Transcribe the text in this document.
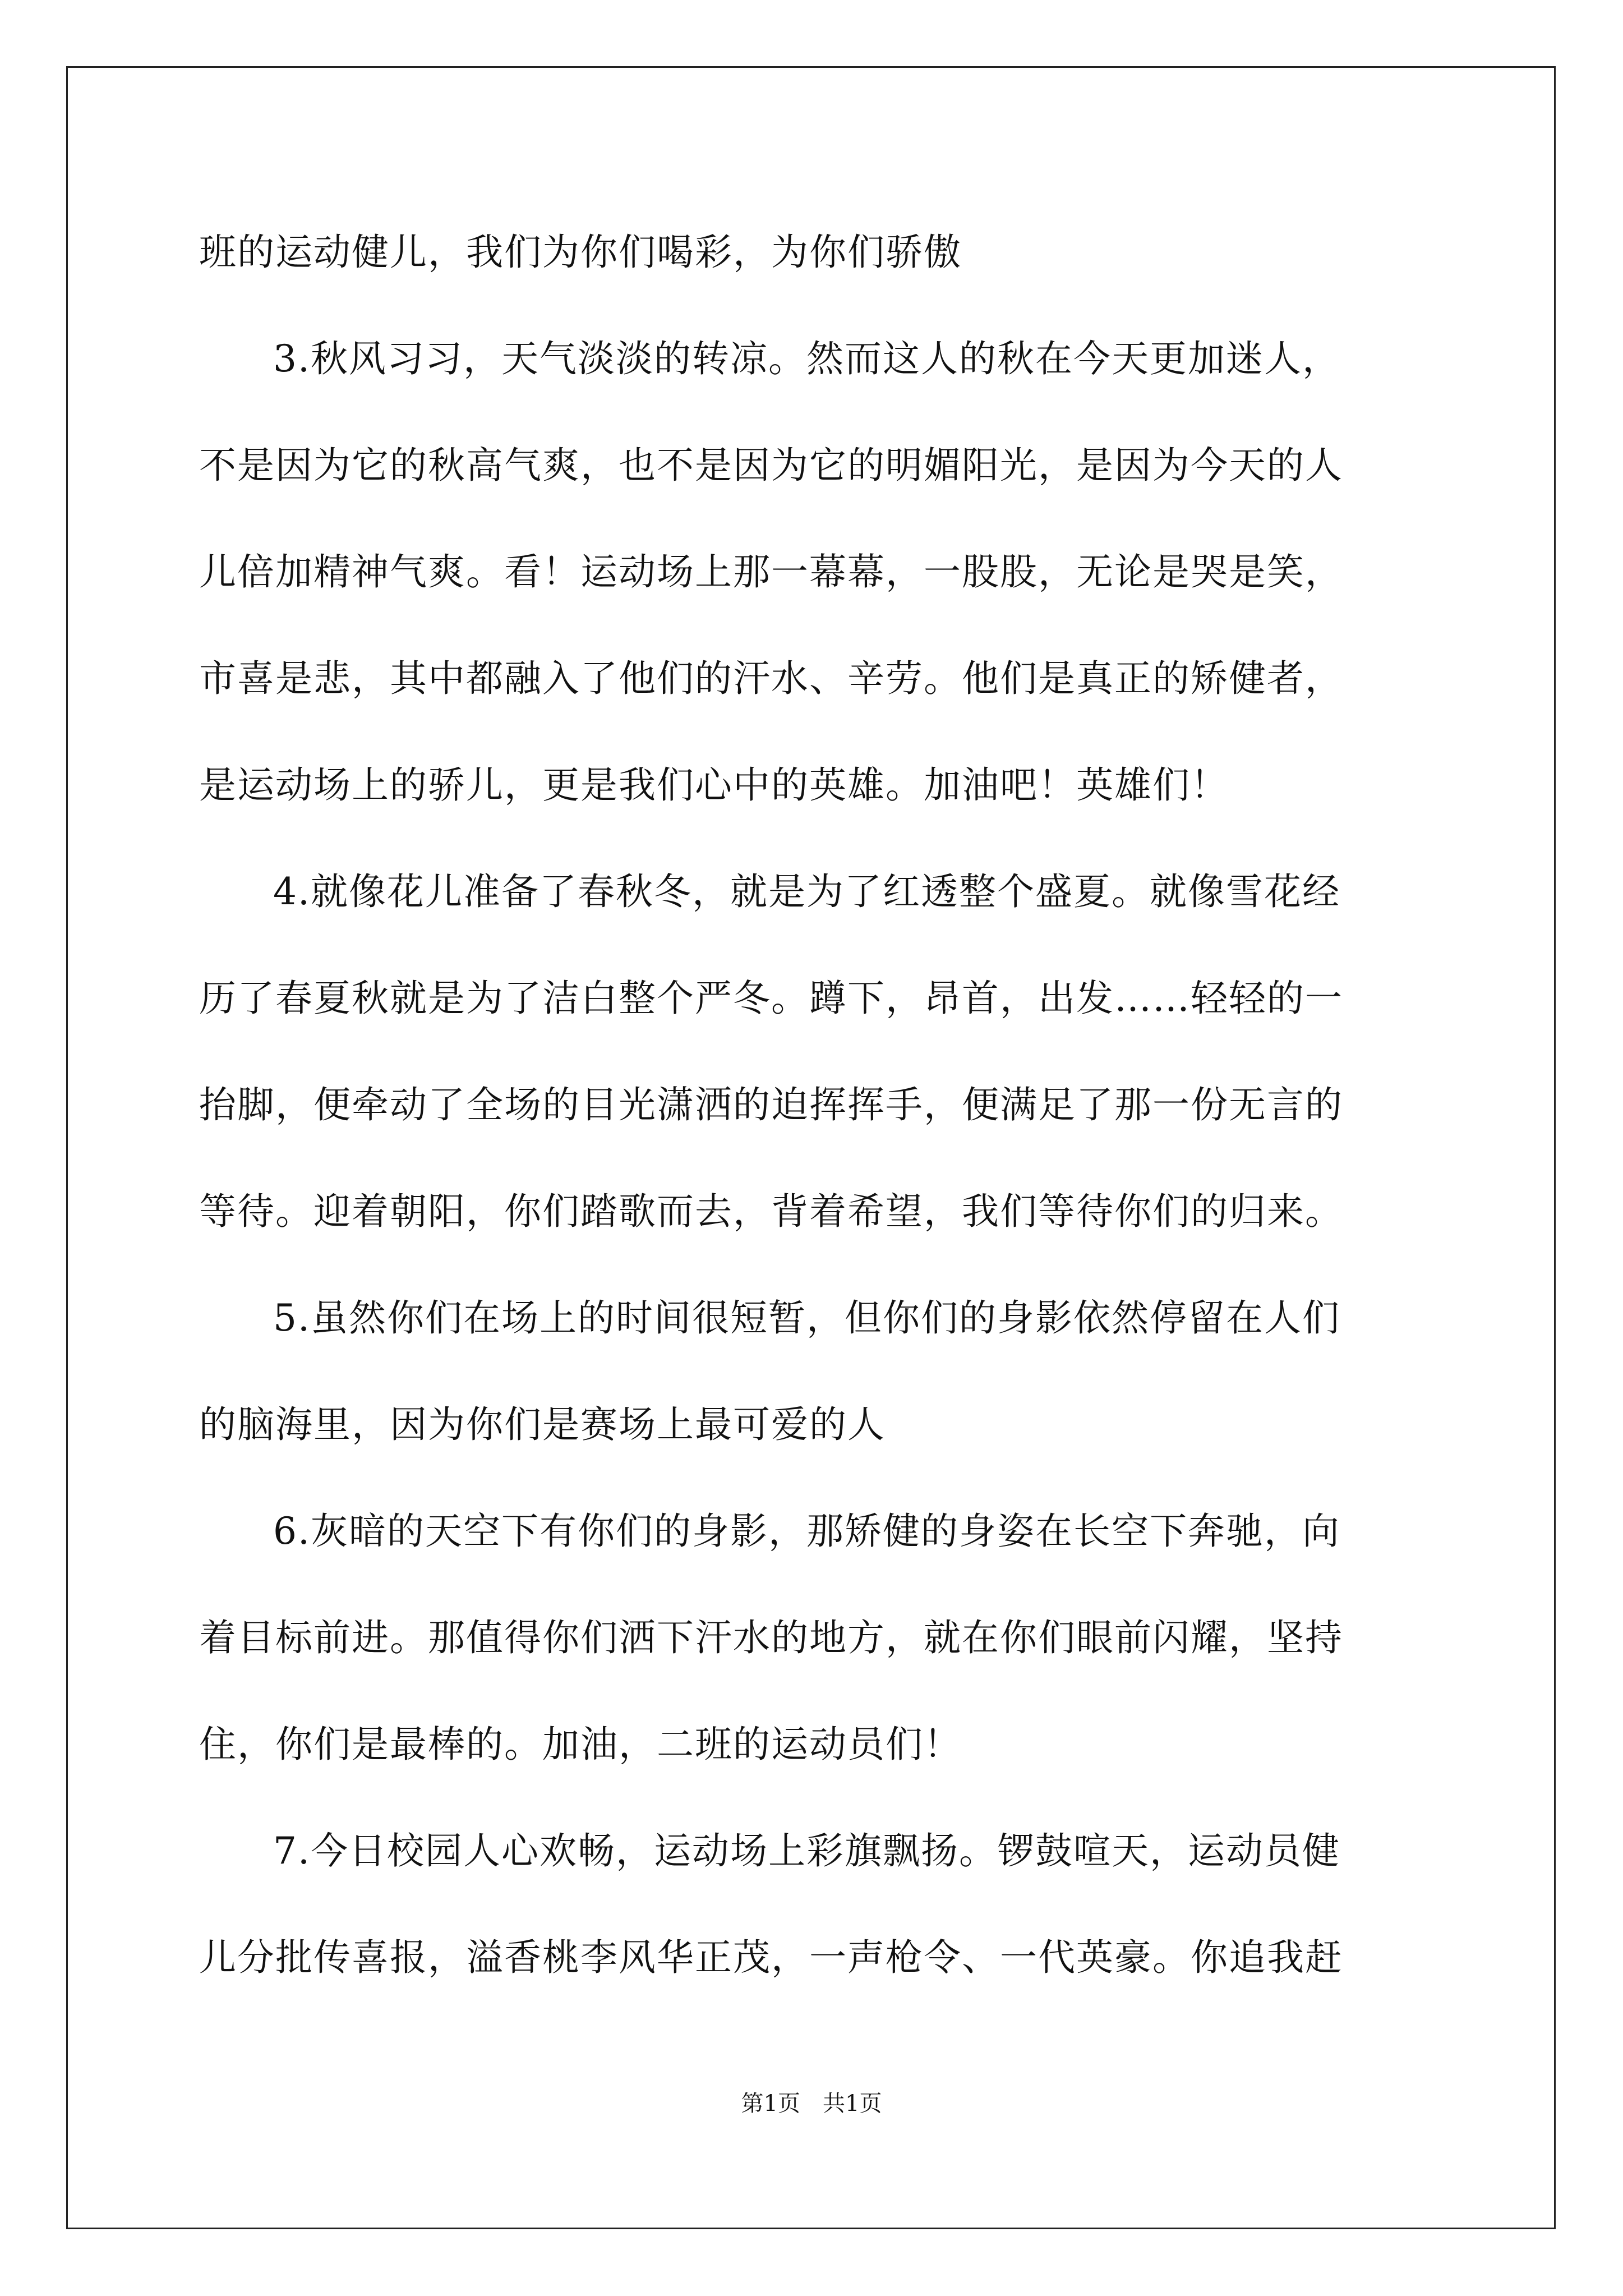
班的运动健儿，我们为你们喝彩，为你们骄傲
3.秋风习习，天气淡淡的转凉。然而这人的秋在今天更加迷人，
不是因为它的秋高气爽，也不是因为它的明媚阳光，是因为今天的人
儿倍加精神气爽。看！运动场上那一幕幕，一股股，无论是哭是笑，
市喜是悲，其中都融入了他们的汗水、辛劳。他们是真正的矫健者，
是运动场上的骄儿，更是我们心中的英雄。加油吧！英雄们！
4.就像花儿准备了春秋冬，就是为了红透整个盛夏。就像雪花经
历了春夏秋就是为了洁白整个严冬。蹲下，昂首，出发……轻轻的一
抬脚，便牵动了全场的目光潇洒的迫挥挥手，便满足了那一份无言的
等待。迎着朝阳，你们踏歌而去，背着希望，我们等待你们的归来。
5.虽然你们在场上的时间很短暂，但你们的身影依然停留在人们
的脑海里，因为你们是赛场上最可爱的人
6.灰暗的天空下有你们的身影，那矫健的身姿在长空下奔驰，向
着目标前进。那值得你们洒下汗水的地方，就在你们眼前闪耀，坚持
住，你们是最棒的。加油，二班的运动员们！
7.今日校园人心欢畅，运动场上彩旗飘扬。锣鼓喧天，运动员健
儿分批传喜报，溢香桃李风华正茂，一声枪令、一代英豪。你追我赶
第1页　共1页
